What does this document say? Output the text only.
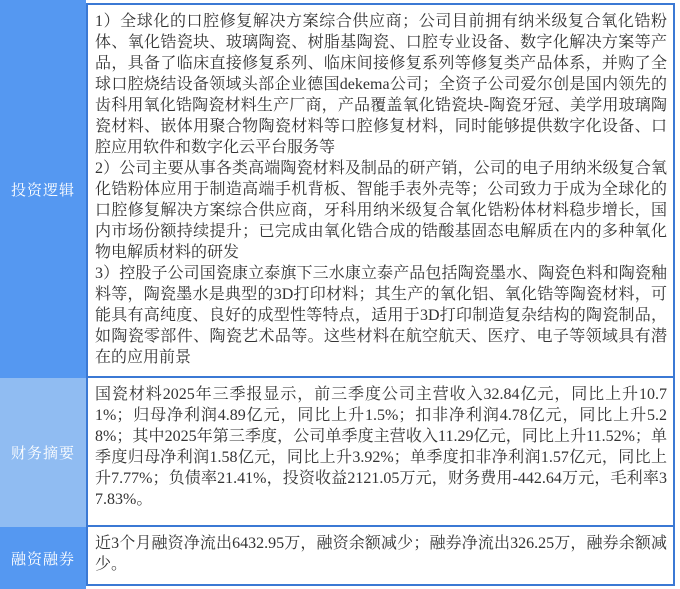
投资逻辑

1）全球化的口腔修复解决方案综合供应商；公司目前拥有纳米级复合氧化锆粉体、氧化锆瓷块、玻璃陶瓷、树脂基陶瓷、口腔专业设备、数字化解决方案等产品，具备了临床直接修复系列、临床间接修复系列等修复类产品体系，并购了全球口腔烧结设备领域头部企业德国dekema公司；全资子公司爱尔创是国内领先的齿科用氧化锆陶瓷材料生产厂商，产品覆盖氧化锆瓷块-陶瓷牙冠、美学用玻璃陶瓷材料、嵌体用聚合物陶瓷材料等口腔修复材料，同时能够提供数字化设备、口腔应用软件和数字化云平台服务等

2）公司主要从事各类高端陶瓷材料及制品的研产销，公司的电子用纳米级复合氧化锆粉体应用于制造高端手机背板、智能手表外壳等；公司致力于成为全球化的口腔修复解决方案综合供应商，牙科用纳米级复合氧化锆粉体材料稳步增长，国内市场份额持续提升；已完成由氧化锆合成的锆酸基固态电解质在内的多种氧化物电解质材料的研发

3）控股子公司国瓷康立泰旗下三水康立泰产品包括陶瓷墨水、陶瓷色料和陶瓷釉料等，陶瓷墨水是典型的3D打印材料；其生产的氧化铝、氧化锆等陶瓷材料，可能具有高纯度、良好的成型性等特点，适用于3D打印制造复杂结构的陶瓷制品，如陶瓷零部件、陶瓷艺术品等。这些材料在航空航天、医疗、电子等领域具有潜在的应用前景

财务摘要

国瓷材料2025年三季报显示，前三季度公司主营收入32.84亿元，同比上升10.71%；归母净利润4.89亿元，同比上升1.5%；扣非净利润4.78亿元，同比上升5.28%；其中2025年第三季度，公司单季度主营收入11.29亿元，同比上升11.52%；单季度归母净利润1.58亿元，同比上升3.92%；单季度扣非净利润1.57亿元，同比上升7.77%；负债率21.41%，投资收益2121.05万元，财务费用-442.64万元，毛利率37.83%。

融资融券

近3个月融资净流出6432.95万，融资余额减少；融券净流出326.25万，融券余额减少。
